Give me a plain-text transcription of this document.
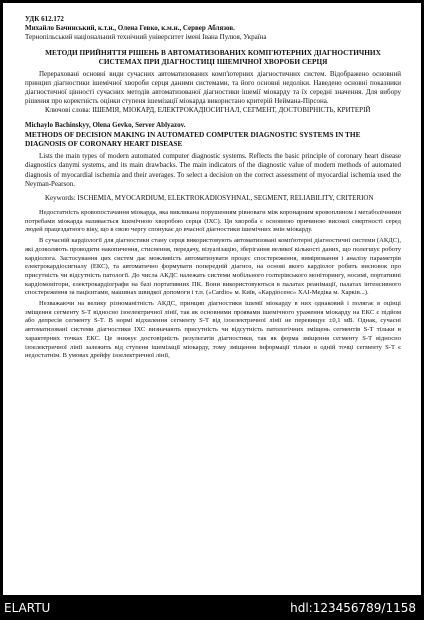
УДК 612.172
Михайло Бачинський, к.т.н., Олена Гевко, к.м.н., Сервер Аблязов.
Тернопільський національний технічний університет імені Івана Пулюя, Україна
МЕТОДИ ПРИЙНЯТТЯ РІШЕНЬ В АВТОМАТИЗОВАНИХ КОМП'ЮТЕРНИХ ДІАГНОСТИЧНИХ СИСТЕМАХ ПРИ ДІАГНОСТИЦІ ІШЕМІЧНОЇ ХВОРОБИ СЕРЦЯ

Перераховані основні види сучасних автоматизованих комп'ютерних діагностичних систем. Відображено основний принцип діагностики ішемічної хвороби серця даними системами, та його основні недоліки. Наведено основні показники діагностичної цінності сучасних методів автоматизованої діагностики ішемії міокарду та їх середні значення. Для вибору рішення про коректність оцінки ступеня ішемізації міокарда використано критерій Неймана-Пірсона.

Ключові слова: ІШЕМІЯ, МІОКАРД, ЕЛЕКТРОКАДІОСИГНАЛ, СЕГМЕНТ, ДОСТОВІРНІСТЬ, КРИТЕРІЙ
Michaylo Bachinskyy, Olena Gevko, Server Ablyazov.
METHODS OF DECISION MAKING IN AUTOMATED COMPUTER DIAGNOSTIC SYSTEMS IN THE DIAGNOSIS OF CORONARY HEART DISEASE
Lists the main types of modern automated computer diagnostic systems. Reflects the basic principle of coronary heart disease diagnostics danymi systems, and its main drawbacks. The main indicators of the diagnostic value of modern methods of automated diagnosis of myocardial ischemia and their averages. To select a decision on the correct assessment of myocardial ischemia used the Neyman-Pearson.
Keywords: ISCHEMIA, MYOCARDIUM, ELEKTROKADIOSYHNAL, SEGMENT, RELIABILITY, CRITERION
Недостатність кровопостачання міокарда, яка викликана порушенням рівноваги між коронарним кровоплином і метаболічними потребами міокарда називається ішемічною хворобою серця (ІХС). Ця хвороба є основною причиною високої смертності серед людей працездатного віку, що в свою чергу спонукає до вчасної діагностики ішемічних змін міокарду.
В сучасній кардіології для діагностики стану серця використовують автоматизовані комп'ютерні діагностичні системи (АКДС), які дозволяють проводити накопичення, стиснення, передачу, візуалізацію, зберігання великої кількості даних, що полегшує роботу кардіолога. Застосування цих систем дає можливість автоматизувати процес спостереження, вимірювання і аналізу параметрів електрокардіосигналу (ЕКС), та автоматично формувати попередній діагноз, на основі якого кардіолог робить висновок про присутність чи відсутність патології. До числа АКДС належать системи мобільного голтерівського моніторингу, носимі, портативні кардіомонітори, електрокардіографи на базі портативних ПК. Вони використовуються в палатах реанімації, палатах інтенсивного спостереження за пацієнтами, машинах швидкої допомоги і т.п. («Cardio» м. Київ, «Кардіосенс» ХАІ-Медіка м. Харків...).
Незважаючи на велику різноманітність АКДС, принцип діагностики ішемії міокарду в них однаковий і полягає в оцінці зміщення сегменту S-T відносно ізоелектричної лінії, так як основними проявами ішемічного ураження міокарду на ЕКС є підйом або депресія сегменту S-T. В нормі відхилення сегменту S-T від ізоелектричної лінії не перевищує ±0,1 мВ. Однак, сучасні автоматизовані системи діагностики ІХС визначають присутність чи відсутність патологічних зміщень сегментів S-T тільки в характерних точках ЕКС. Це знижує достовірність результатів діагностики, так як форма зміщення сегменту S-T відносно ізоелектричної лінії залежить від ступеня ішемізації міокарду, тому зміщення інформації тільки в одній точці сегменту S-T є недостатнім. В умовах дрейфу ізоелектричної лінії,
ELARTU	hdl:123456789/1158
